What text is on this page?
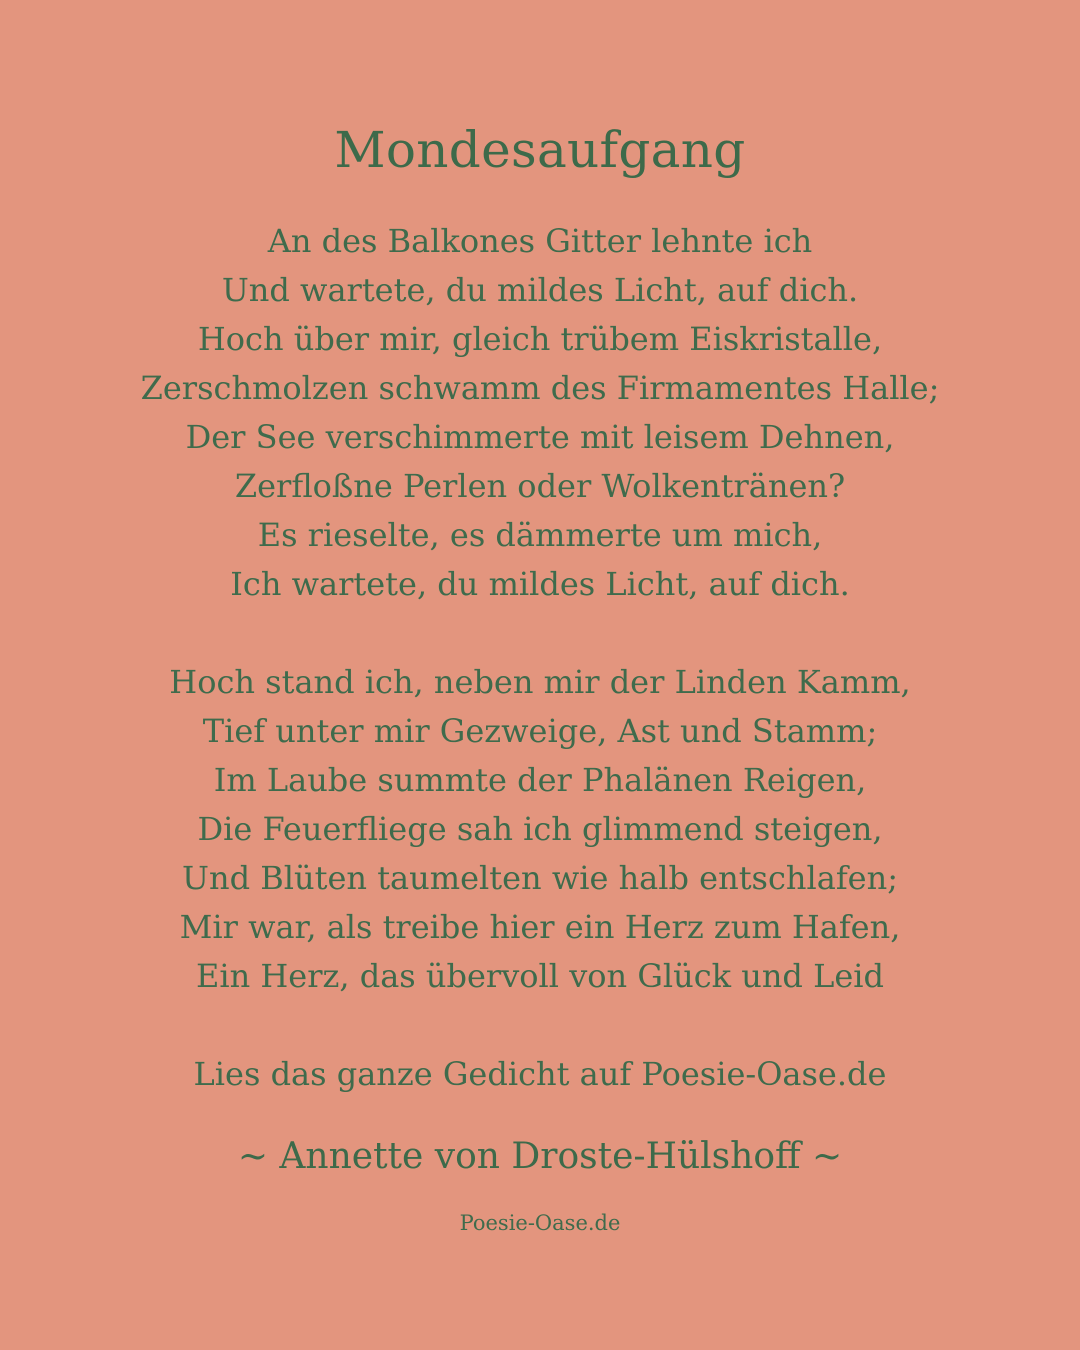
Mondesaufgang
An des Balkones Gitter lehnte ich
Und wartete, du mildes Licht, auf dich.
Hoch über mir, gleich trübem Eiskristalle,
Zerschmolzen schwamm des Firmamentes Halle;
Der See verschimmerte mit leisem Dehnen,
Zerfloßne Perlen oder Wolkentränen?
Es rieselte, es dämmerte um mich,
Ich wartete, du mildes Licht, auf dich.
Hoch stand ich, neben mir der Linden Kamm,
Tief unter mir Gezweige, Ast und Stamm;
Im Laube summte der Phalänen Reigen,
Die Feuerfliege sah ich glimmend steigen,
Und Blüten taumelten wie halb entschlafen;
Mir war, als treibe hier ein Herz zum Hafen,
Ein Herz, das übervoll von Glück und Leid
Lies das ganze Gedicht auf Poesie-Oase.de
~ Annette von Droste-Hülshoff ~
Poesie-Oase.de
